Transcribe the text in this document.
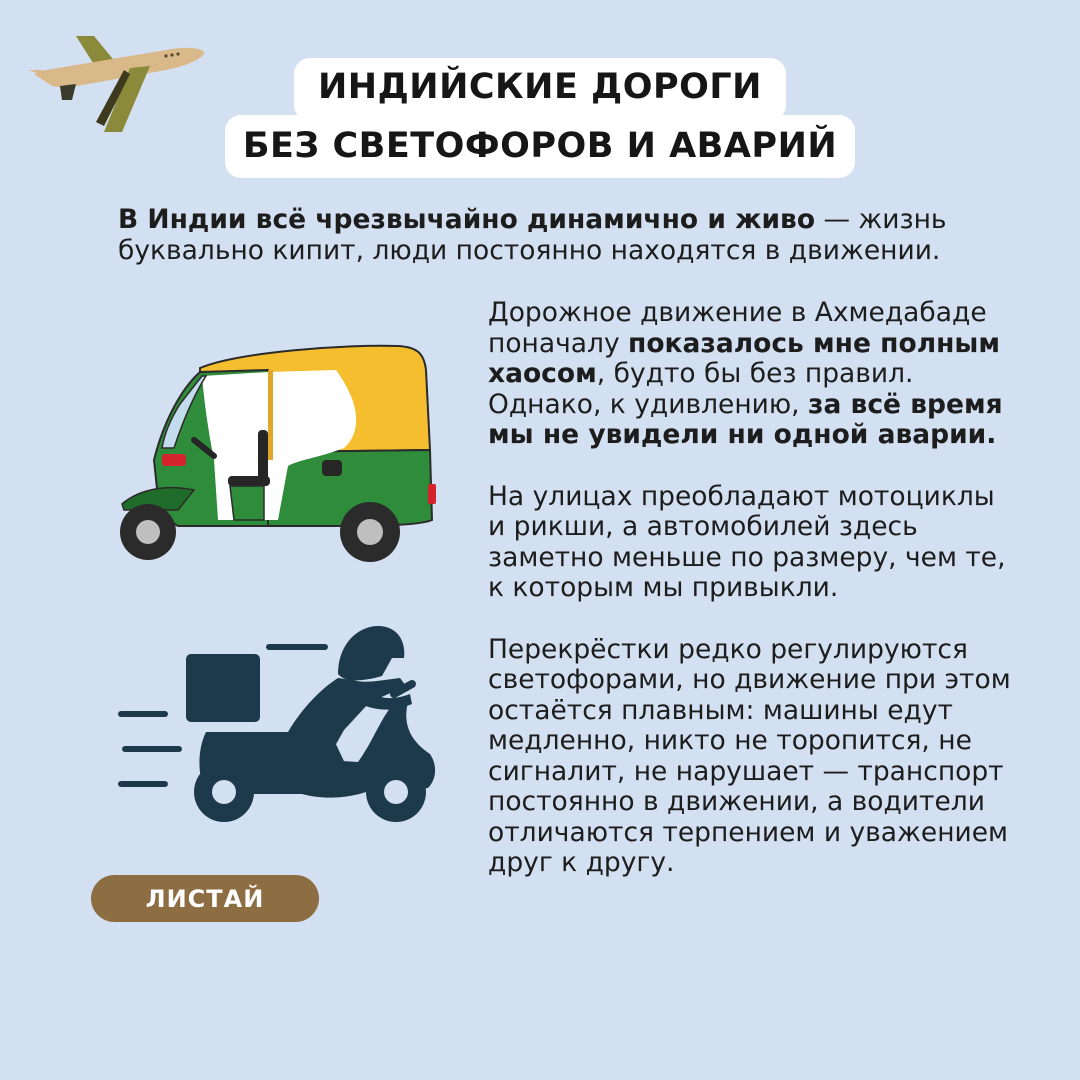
ИНДИЙСКИЕ ДОРОГИ
БЕЗ СВЕТОФОРОВ И АВАРИЙ
В Индии всё чрезвычайно динамично и живо — жизнь
буквально кипит, люди постоянно находятся в движении.

Дорожное движение в Ахмедабаде
поначалу показалось мне полным
хаосом, будто бы без правил.
Однако, к удивлению, за всё время
мы не увидели ни одной аварии.

На улицах преобладают мотоциклы
и рикши, а автомобилей здесь
заметно меньше по размеру, чем те,
к которым мы привыкли.

Перекрёстки редко регулируются
светофорами, но движение при этом
остаётся плавным: машины едут
медленно, никто не торопится, не
сигналит, не нарушает — транспорт
постоянно в движении, а водители
отличаются терпением и уважением
друг к другу.

ЛИСТАЙ
